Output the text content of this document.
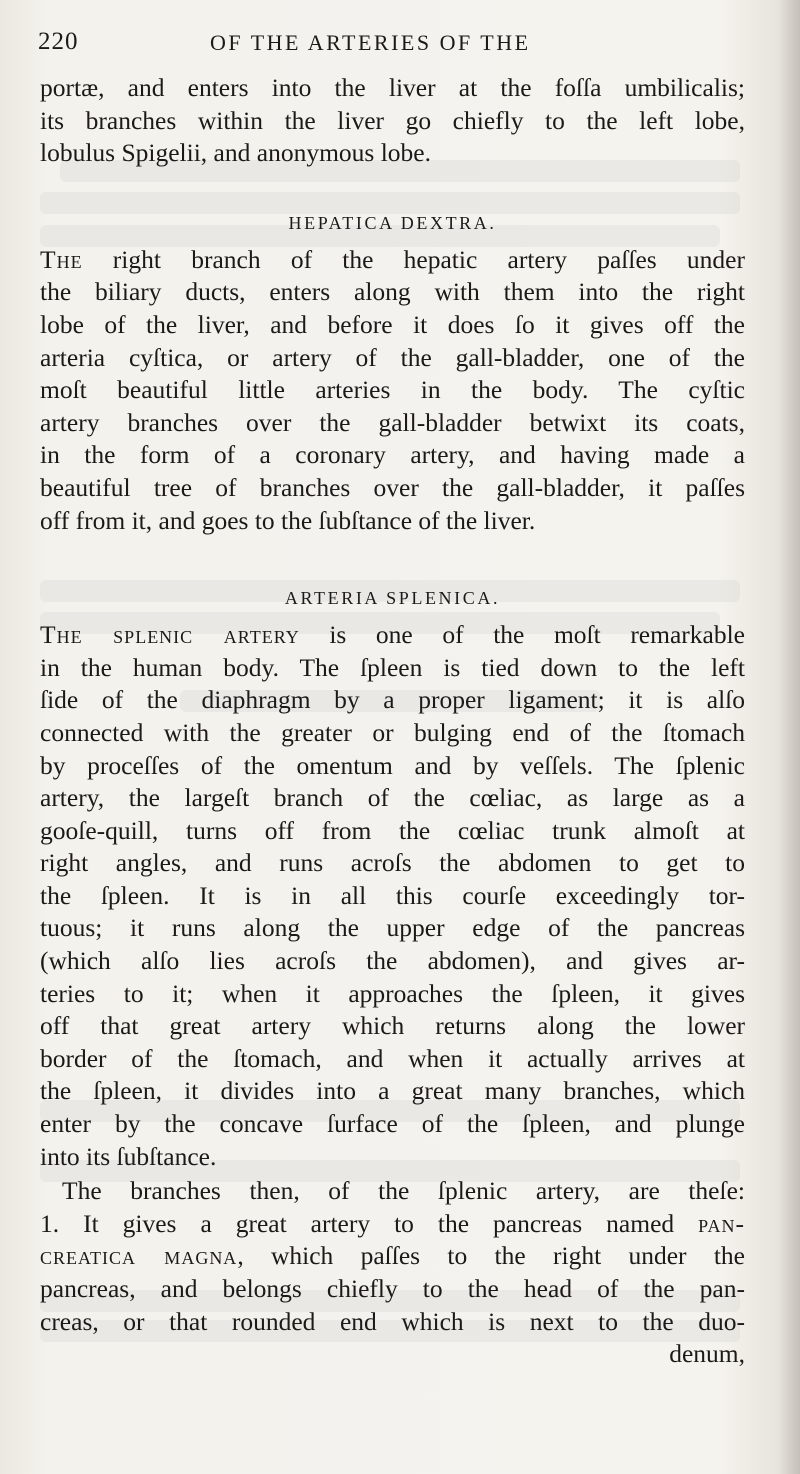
220	OF THE ARTERIES OF THE
portæ, and enters into the liver at the foſſa umbilicalis;
its branches within the liver go chiefly to the left lobe,
lobulus Spigelii, and anonymous lobe.
HEPATICA DEXTRA.
The right branch of the hepatic artery paſſes under
the biliary ducts, enters along with them into the right
lobe of the liver, and before it does ſo it gives off the
arteria cyſtica, or artery of the gall-bladder, one of the
moſt beautiful little arteries in the body. The cyſtic
artery branches over the gall-bladder betwixt its coats,
in the form of a coronary artery, and having made a
beautiful tree of branches over the gall-bladder, it paſſes
off from it, and goes to the ſubſtance of the liver.
ARTERIA SPLENICA.
The splenic artery is one of the moſt remarkable
in the human body. The ſpleen is tied down to the left
ſide of the diaphragm by a proper ligament; it is alſo
connected with the greater or bulging end of the ſtomach
by proceſſes of the omentum and by veſſels. The ſplenic
artery, the largeſt branch of the cœliac, as large as a
gooſe-quill, turns off from the cœliac trunk almoſt at
right angles, and runs acroſs the abdomen to get to
the ſpleen. It is in all this courſe exceedingly tor-
tuous; it runs along the upper edge of the pancreas
(which alſo lies acroſs the abdomen), and gives ar-
teries to it; when it approaches the ſpleen, it gives
off that great artery which returns along the lower
border of the ſtomach, and when it actually arrives at
the ſpleen, it divides into a great many branches, which
enter by the concave ſurface of the ſpleen, and plunge
into its ſubſtance.
The branches then, of the ſplenic artery, are theſe:
1. It gives a great artery to the pancreas named pan-
creatica magna, which paſſes to the right under the
pancreas, and belongs chiefly to the head of the pan-
creas, or that rounded end which is next to the duo-
denum,
